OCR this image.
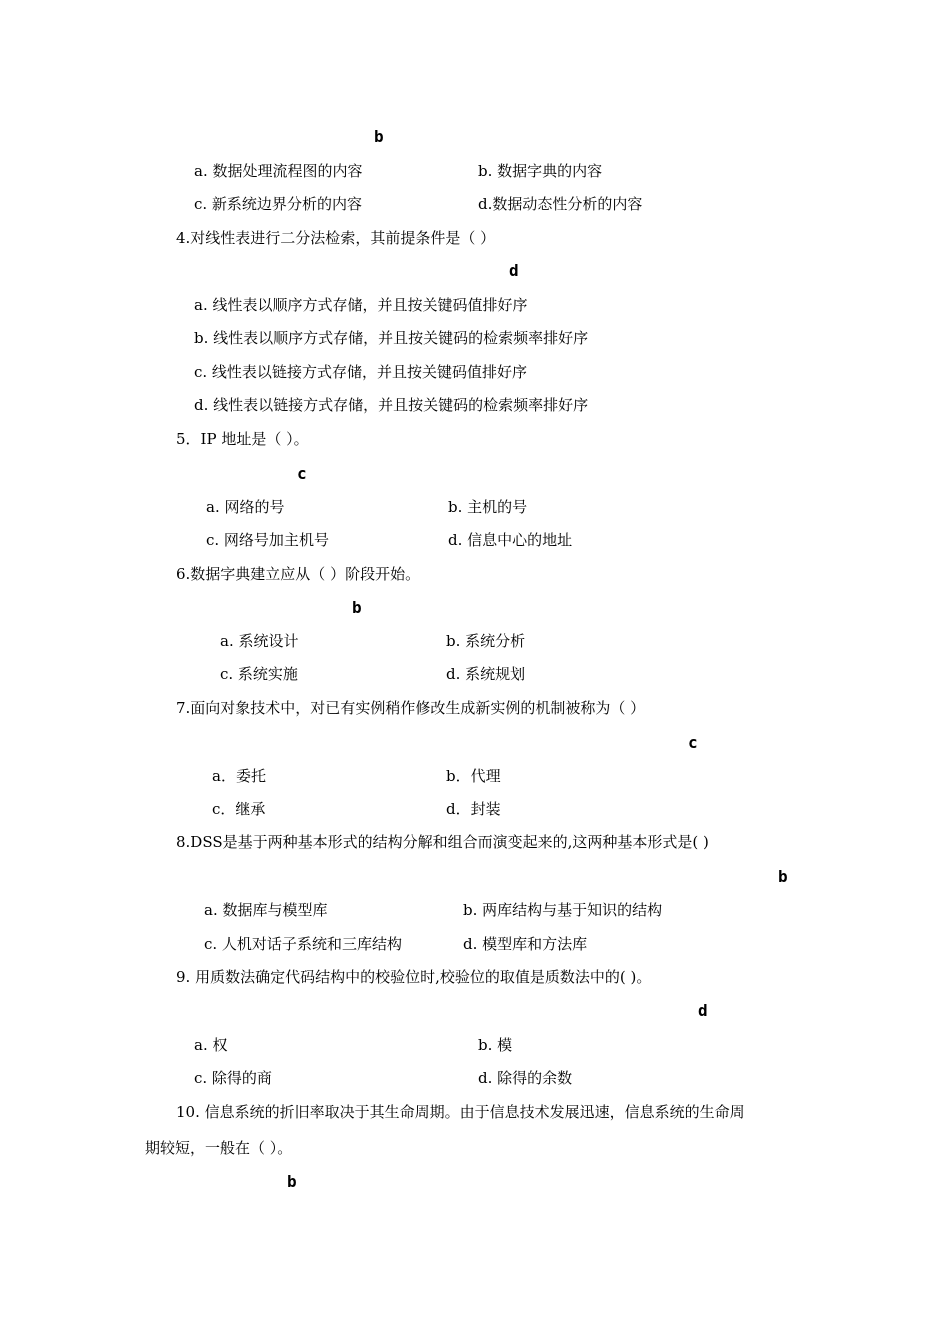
b
a. 数据处理流程图的内容	b. 数据字典的内容
c. 新系统边界分析的内容	d.数据动态性分析的内容
4.对线性表进行二分法检索，其前提条件是（ ）
d
a. 线性表以顺序方式存储，并且按关键码值排好序
b. 线性表以顺序方式存储，并且按关键码的检索频率排好序
c. 线性表以链接方式存储，并且按关键码值排好序
d. 线性表以链接方式存储，并且按关键码的检索频率排好序
5．IP 地址是（ ）。
c
a. 网络的号	b. 主机的号
c. 网络号加主机号	d. 信息中心的地址
6.数据字典建立应从（ ）阶段开始。
b
a. 系统设计	b. 系统分析
c. 系统实施	d. 系统规划
7.面向对象技术中，对已有实例稍作修改生成新实例的机制被称为（ ）
c
a．委托	b．代理
c．继承	d．封装
8.DSS是基于两种基本形式的结构分解和组合而演变起来的,这两种基本形式是( )
b
a. 数据库与模型库	b. 两库结构与基于知识的结构
c. 人机对话子系统和三库结构	d. 模型库和方法库
9. 用质数法确定代码结构中的校验位时,校验位的取值是质数法中的( )。
d
a. 权	b. 模
c. 除得的商	d. 除得的余数
10. 信息系统的折旧率取决于其生命周期。由于信息技术发展迅速，信息系统的生命周
期较短，一般在（ ）。
b
